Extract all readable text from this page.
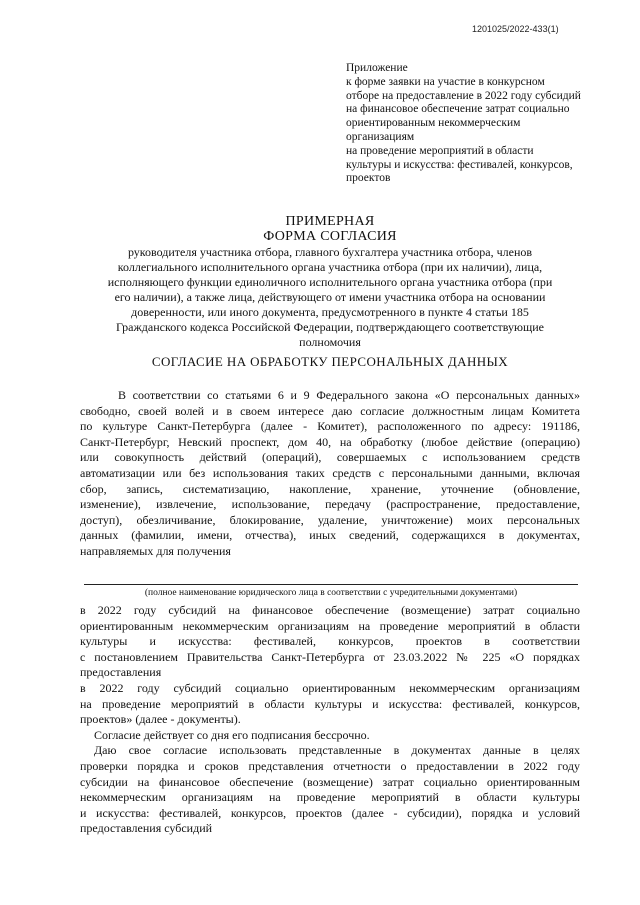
1201025/2022-433(1)
Приложение
к форме заявки на участие в конкурсном
отборе на предоставление в 2022 году субсидий
на финансовое обеспечение затрат социально
ориентированным некоммерческим
организациям
на проведение мероприятий в области
культуры и искусства: фестивалей, конкурсов,
проектов
ПРИМЕРНАЯ
ФОРМА СОГЛАСИЯ
руководителя участника отбора, главного бухгалтера участника отбора, членов
коллегиального исполнительного органа участника отбора (при их наличии), лица,
исполняющего функции единоличного исполнительного органа участника отбора (при
его наличии), а также лица, действующего от имени участника отбора на основании
доверенности, или иного документа, предусмотренного в пункте 4 статьи 185
Гражданского кодекса Российской Федерации, подтверждающего соответствующие
полномочия
СОГЛАСИЕ НА ОБРАБОТКУ ПЕРСОНАЛЬНЫХ ДАННЫХ
В соответствии со статьями 6 и 9 Федерального закона «О персональных данных»
свободно, своей волей и в своем интересе даю согласие должностным лицам Комитета
по культуре Санкт-Петербурга (далее - Комитет), расположенного по адресу: 191186,
Санкт-Петербург, Невский проспект, дом 40, на обработку (любое действие (операцию)
или совокупность действий (операций), совершаемых с использованием средств
автоматизации или без использования таких средств с персональными данными, включая
сбор, запись, систематизацию, накопление, хранение, уточнение (обновление,
изменение), извлечение, использование, передачу (распространение, предоставление,
доступ), обезличивание, блокирование, удаление, уничтожение) моих персональных
данных (фамилии, имени, отчества), иных сведений, содержащихся в документах,
направляемых для получения
(полное наименование юридического лица в соответствии с учредительными документами)
в 2022 году субсидий на финансовое обеспечение (возмещение) затрат социально
ориентированным некоммерческим организациям на проведение мероприятий в области
культуры и искусства: фестивалей, конкурсов, проектов в соответствии
с постановлением Правительства Санкт-Петербурга от 23.03.2022 № 225 «О порядках
предоставления
в 2022 году субсидий социально ориентированным некоммерческим организациям
на проведение мероприятий в области культуры и искусства: фестивалей, конкурсов,
проектов» (далее - документы).
Согласие действует со дня его подписания бессрочно.
Даю свое согласие использовать представленные в документах данные в целях
проверки порядка и сроков представления отчетности о предоставлении в 2022 году
субсидии на финансовое обеспечение (возмещение) затрат социально ориентированным
некоммерческим организациям на проведение мероприятий в области культуры
и искусства: фестивалей, конкурсов, проектов (далее - субсидии), порядка и условий
предоставления субсидий
